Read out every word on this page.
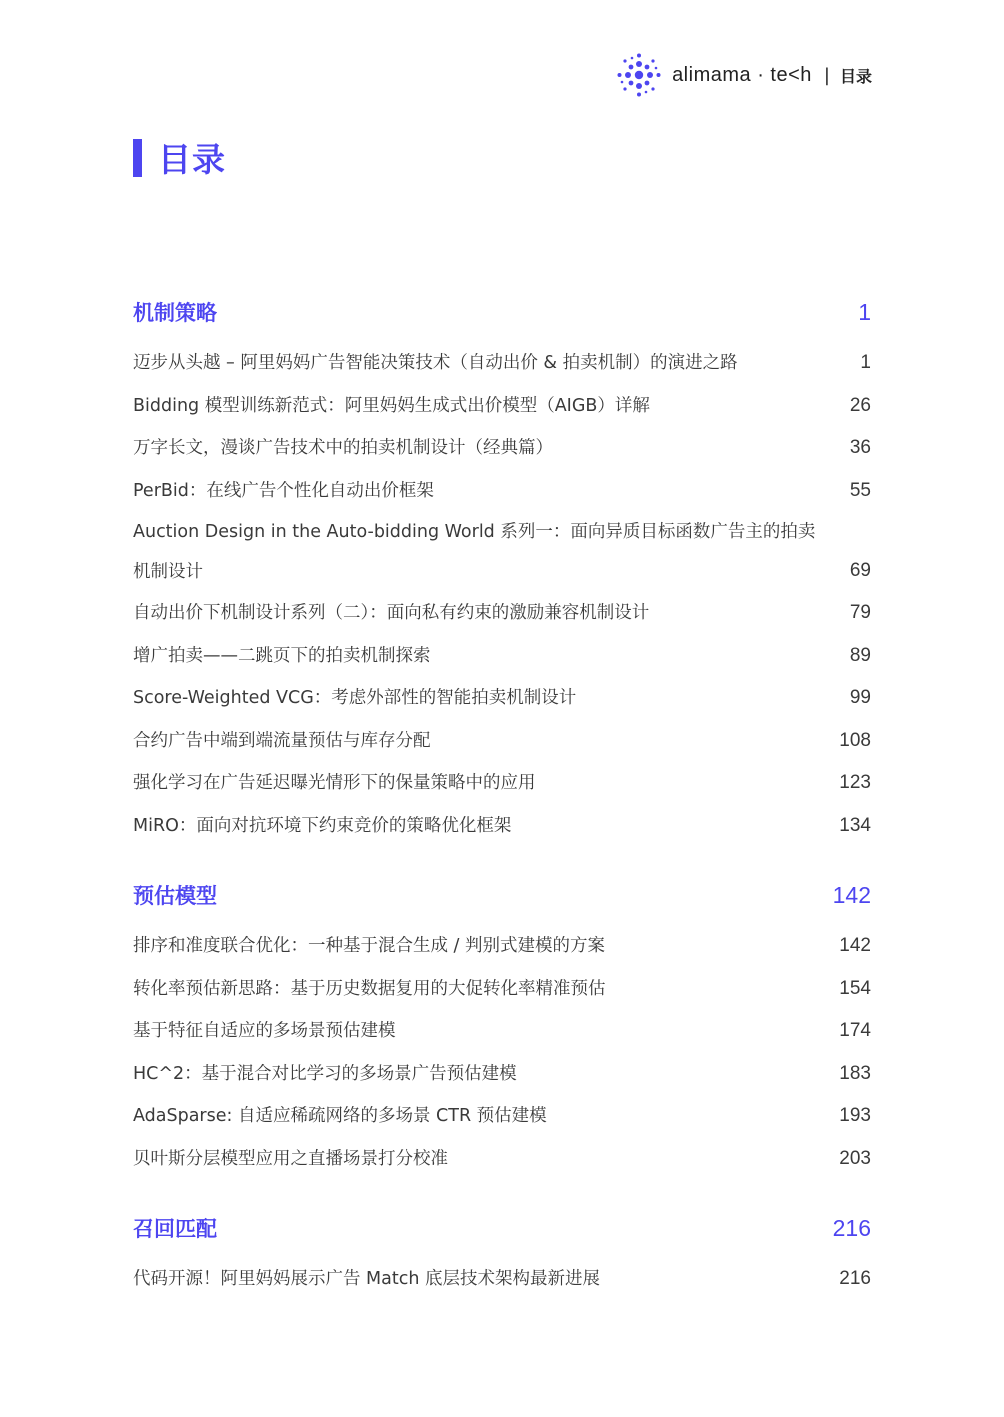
alimama · te<h | 目录
目录
机制策略	1
迈步从头越 – 阿里妈妈广告智能决策技术（自动出价 & 拍卖机制）的演进之路	1
Bidding 模型训练新范式：阿里妈妈生成式出价模型（AIGB）详解	26
万字长文，漫谈广告技术中的拍卖机制设计（经典篇）	36
PerBid：在线广告个性化自动出价框架	55
Auction Design in the Auto-bidding World 系列一：面向异质目标函数广告主的拍卖机制设计	69
自动出价下机制设计系列（二）：面向私有约束的激励兼容机制设计	79
增广拍卖——二跳页下的拍卖机制探索	89
Score-Weighted VCG：考虑外部性的智能拍卖机制设计	99
合约广告中端到端流量预估与库存分配	108
强化学习在广告延迟曝光情形下的保量策略中的应用	123
MiRO：面向对抗环境下约束竞价的策略优化框架	134
预估模型	142
排序和准度联合优化：一种基于混合生成 / 判别式建模的方案	142
转化率预估新思路：基于历史数据复用的大促转化率精准预估	154
基于特征自适应的多场景预估建模	174
HC^2：基于混合对比学习的多场景广告预估建模	183
AdaSparse: 自适应稀疏网络的多场景 CTR 预估建模	193
贝叶斯分层模型应用之直播场景打分校准	203
召回匹配	216
代码开源！阿里妈妈展示广告 Match 底层技术架构最新进展	216
